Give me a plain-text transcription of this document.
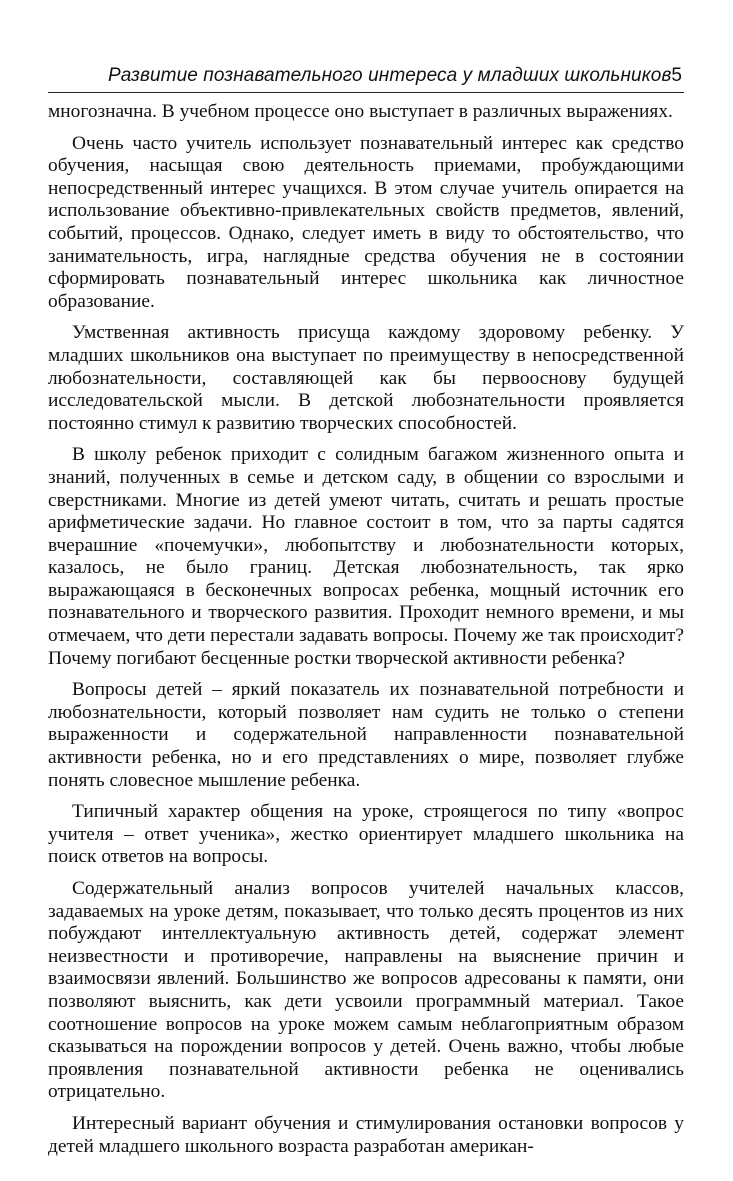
Развитие познавательного интереса у младших школьников 5

многозначна. В учебном процессе оно выступает в различных выражениях.

Очень часто учитель использует познавательный интерес как средство обучения, насыщая свою деятельность приемами, пробуждающими непосредственный интерес учащихся. В этом случае учитель опирается на использование объективно-привлекательных свойств предметов, явлений, событий, процессов. Однако, следует иметь в виду то обстоятельство, что занимательность, игра, наглядные средства обучения не в состоянии сформировать познавательный интерес школьника как личностное образование.

Умственная активность присуща каждому здоровому ребенку. У младших школьников она выступает по преимуществу в непосредственной любознательности, составляющей как бы первооснову будущей исследовательской мысли. В детской любознательности проявляется постоянно стимул к развитию творческих способностей.

В школу ребенок приходит с солидным багажом жизненного опыта и знаний, полученных в семье и детском саду, в общении со взрослыми и сверстниками. Многие из детей умеют читать, считать и решать простые арифметические задачи. Но главное состоит в том, что за парты садятся вчерашние «почемучки», любопытству и любознательности которых, казалось, не было границ. Детская любознательность, так ярко выражающаяся в бесконечных вопросах ребенка, мощный источник его познавательного и творческого развития. Проходит немного времени, и мы отмечаем, что дети перестали задавать вопросы. Почему же так происходит? Почему погибают бесценные ростки творческой активности ребенка?

Вопросы детей – яркий показатель их познавательной потребности и любознательности, который позволяет нам судить не только о степени выраженности и содержательной направленности познавательной активности ребенка, но и его представлениях о мире, позволяет глубже понять словесное мышление ребенка.

Типичный характер общения на уроке, строящегося по типу «вопрос учителя – ответ ученика», жестко ориентирует младшего школьника на поиск ответов на вопросы.

Содержательный анализ вопросов учителей начальных классов, задаваемых на уроке детям, показывает, что только десять процентов из них побуждают интеллектуальную активность детей, содержат элемент неизвестности и противоречие, направлены на выяснение причин и взаимосвязи явлений. Большинство же вопросов адресованы к памяти, они позволяют выяснить, как дети усвоили программный материал. Такое соотношение вопросов на уроке можем самым неблагоприятным образом сказываться на порождении вопросов у детей. Очень важно, чтобы любые проявления познавательной активности ребенка не оценивались отрицательно.

Интересный вариант обучения и стимулирования остановки вопросов у детей младшего школьного возраста разработан американ-
